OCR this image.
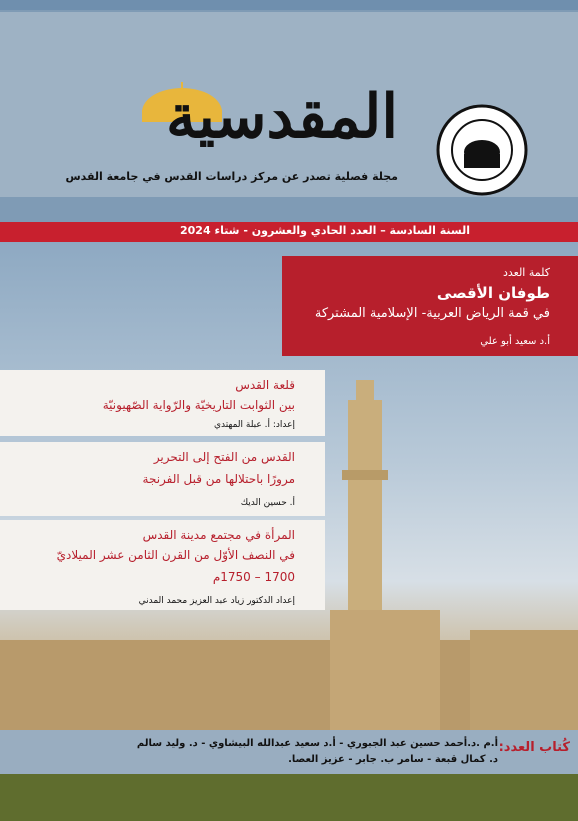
المقدسية
مجلة فصلية تصدر عن مركز دراسات القدس في جامعة القدس
السنة السادسة – العدد الحادي والعشرون - شتاء 2024
كلمة العدد
طوفان الأقصى
في قمة الرياض العربية- الإسلامية المشتركة
أ.د سعيد أبو علي
قلعة القدس
بين الثوابت التاريخيّة والرّواية الصّهيونيّة
إعداد: أ. عبلة المهتدي
القدس من الفتح إلى التحرير
مرورًا باحتلالها من قبل الفرنجة
أ. حسين الديك
المرأة في مجتمع مدينة القدس
في النصف الأوّل من القرن الثامن عشر الميلاديّ
1700 – 1750م
إعداد الدكتور زياد عبد العزيز محمد المدني
كُتاب العدد:
أ.م .د.أحمد حسين عبد الجبوري - أ.د سعيد عبدالله البيشاوي - د. وليد سالم
د. كمال قبعة - سامر ب. جابر - عزيز العصا.
